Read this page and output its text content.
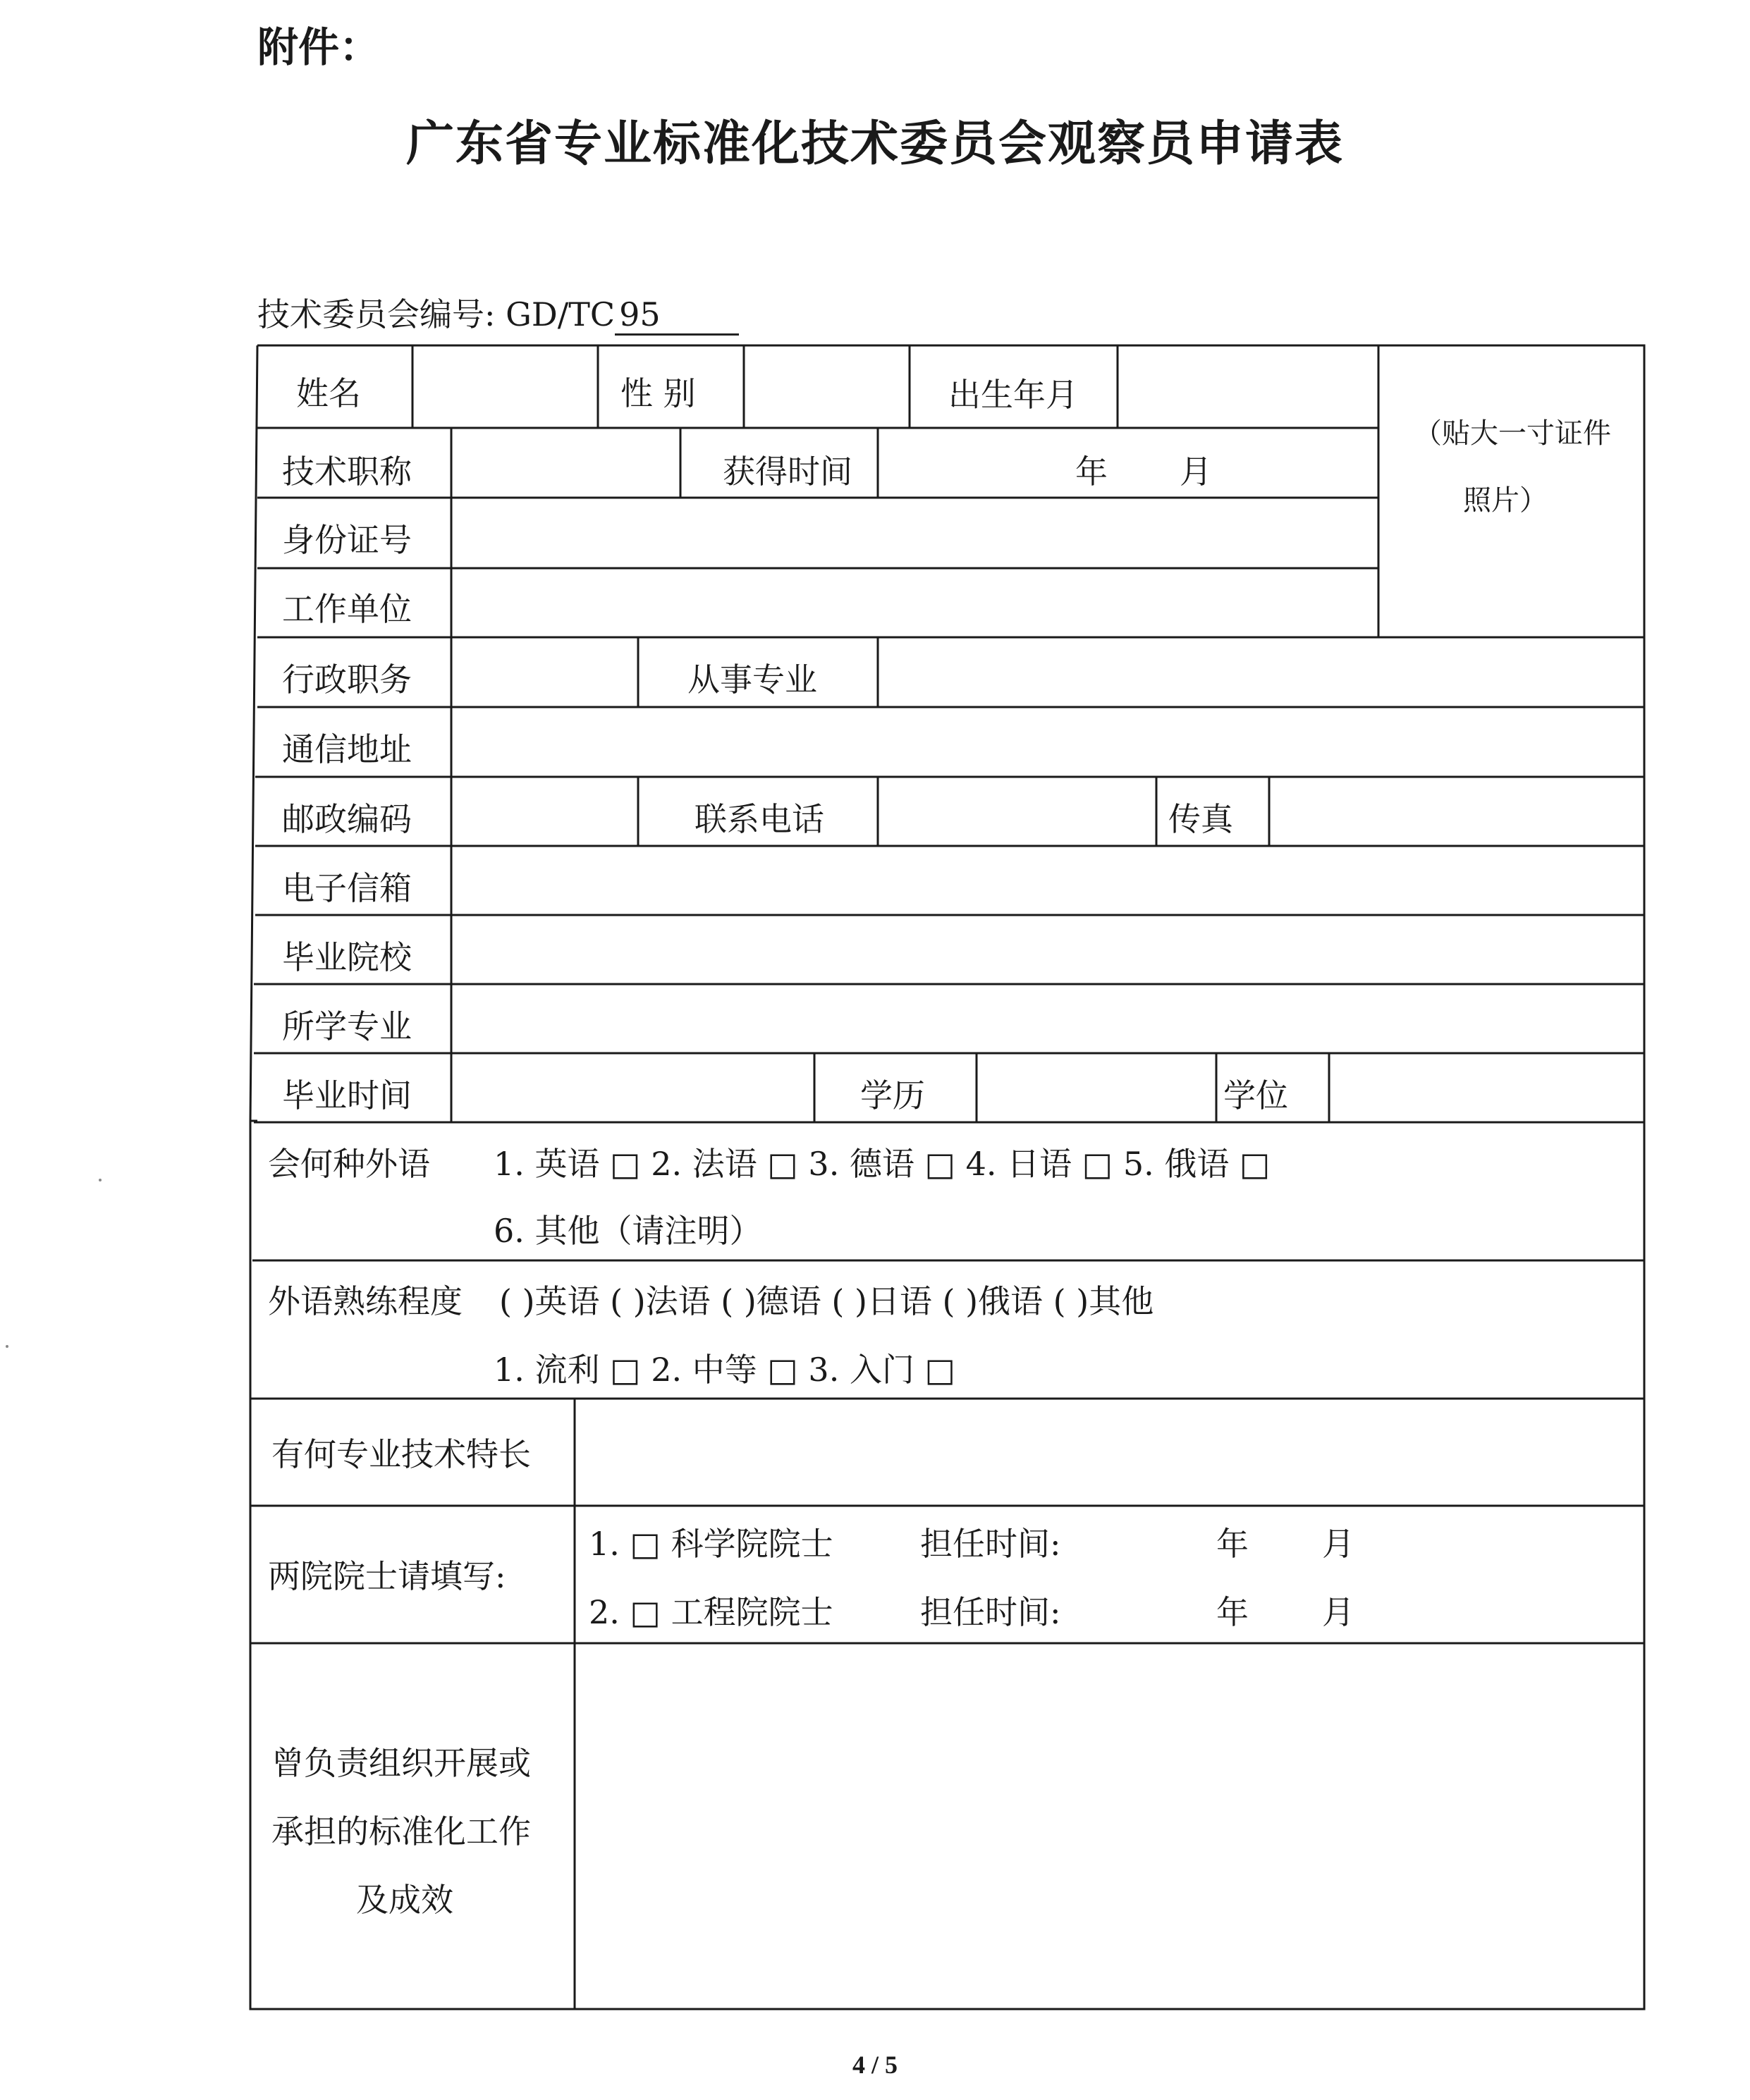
附件：
广东省专业标准化技术委员会观察员申请表
技术委员会编号: GD/TC 95
姓名	性 别	出生年月
（贴大一寸证件
照片）
技术职称	获得时间	年 月
身份证号
工作单位
行政职务	从事专业
通信地址
邮政编码	联系电话	传真
电子信箱
毕业院校
所学专业
毕业时间	学历	学位
会何种外语 1. 英语 □ 2. 法语 □ 3. 德语 □ 4. 日语 □ 5. 俄语 □
6. 其他（请注明）
外语熟练程度 ( )英语 ( )法语 ( )德语 ( )日语 ( )俄语 ( )其他
1. 流利 □ 2. 中等 □ 3. 入门 □
有何专业技术特长
两院院士请填写:
1. □ 科学院院士	担任时间:	年 月
2. □ 工程院院士	担任时间:	年 月
曾负责组织开展或
承担的标准化工作
及成效
4 / 5
